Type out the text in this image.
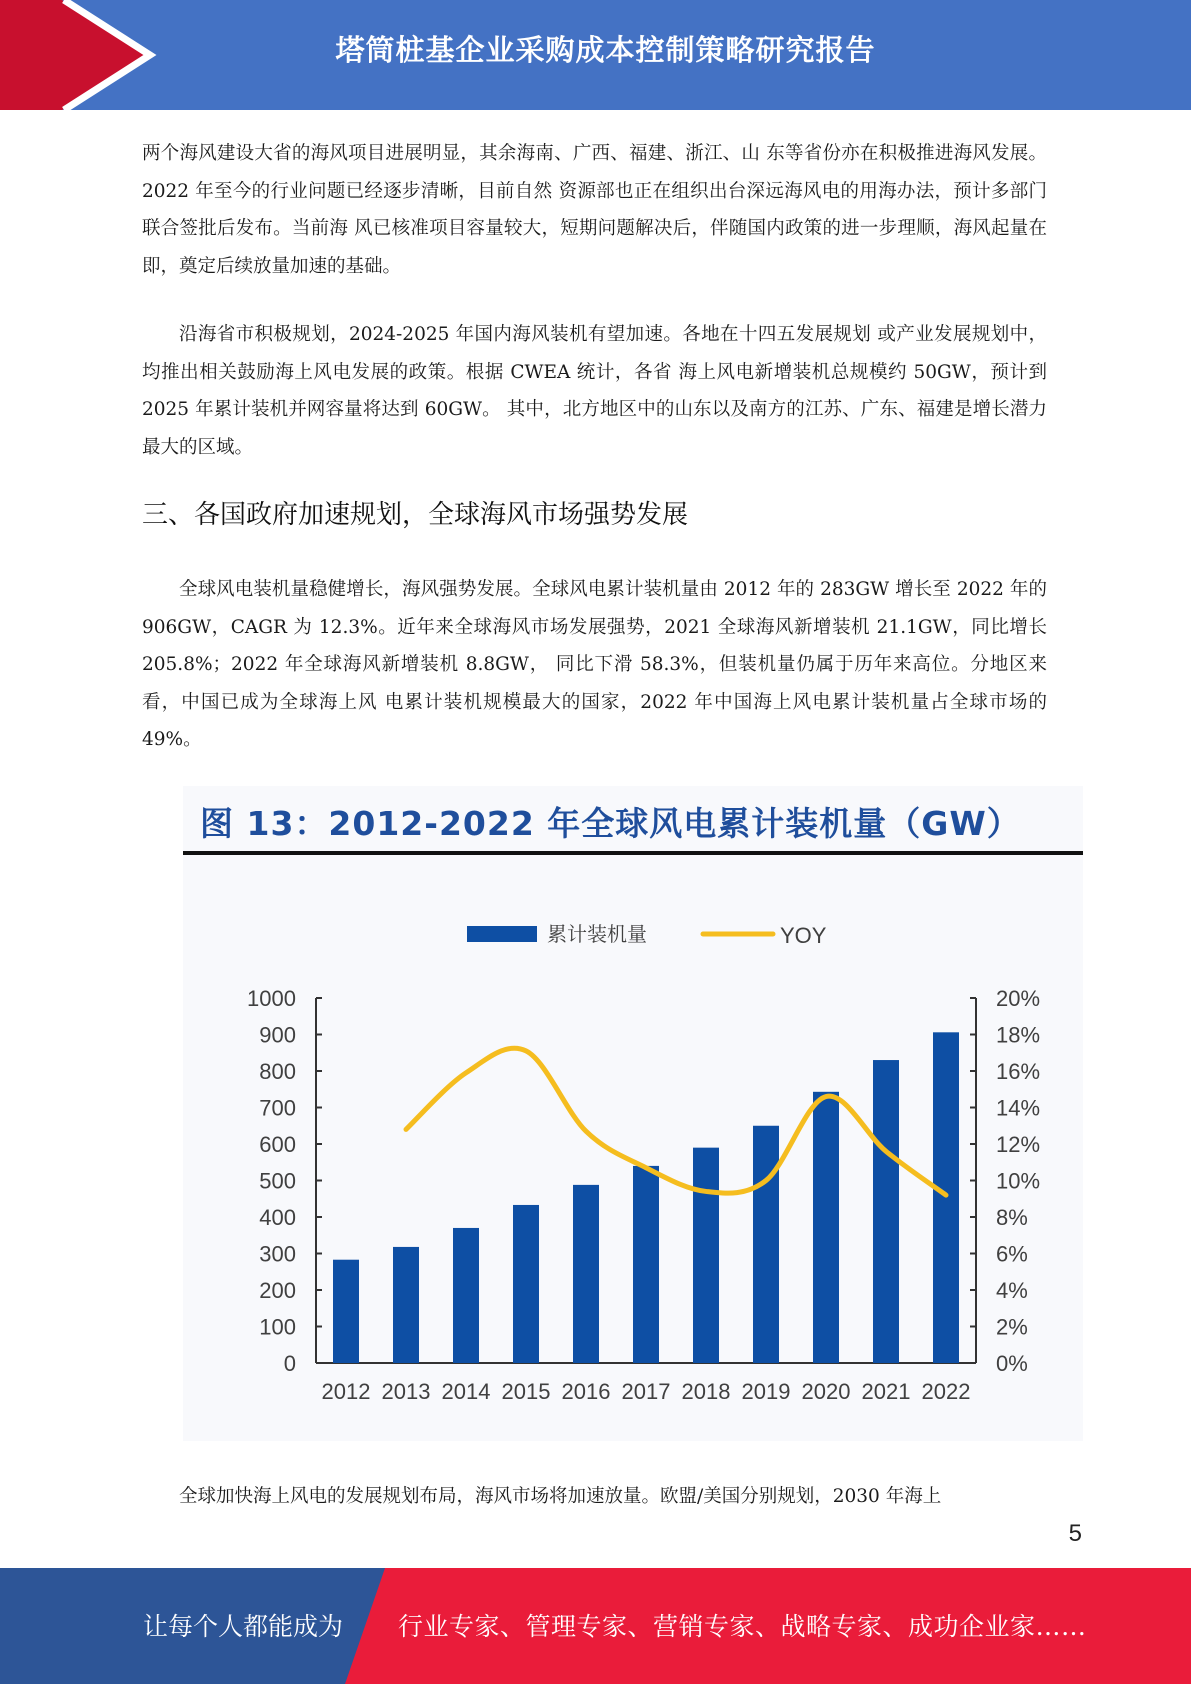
塔筒桩基企业采购成本控制策略研究报告

两个海风建设大省的海风项目进展明显，其余海南、广西、福建、浙江、山 东等省份亦在积极推进海风发展。2022 年至今的行业问题已经逐步清晰，目前自然 资源部也正在组织出台深远海风电的用海办法，预计多部门联合签批后发布。当前海 风已核准项目容量较大，短期问题解决后，伴随国内政策的进一步理顺，海风起量在 即，奠定后续放量加速的基础。

沿海省市积极规划，2024-2025 年国内海风装机有望加速。各地在十四五发展规划 或产业发展规划中，均推出相关鼓励海上风电发展的政策。根据 CWEA 统计，各省 海上风电新增装机总规模约 50GW，预计到 2025 年累计装机并网容量将达到 60GW。 其中，北方地区中的山东以及南方的江苏、广东、福建是增长潜力最大的区域。

三、各国政府加速规划，全球海风市场强势发展

全球风电装机量稳健增长，海风强势发展。全球风电累计装机量由 2012 年的 283GW 增长至 2022 年的 906GW，CAGR 为 12.3%。近年来全球海风市场发展强势，2021 全球海风新增装机 21.1GW，同比增长 205.8%；2022 年全球海风新增装机 8.8GW， 同比下滑 58.3%，但装机量仍属于历年来高位。分地区来看，中国已成为全球海上风 电累计装机规模最大的国家，2022 年中国海上风电累计装机量占全球市场的 49%。

图 13：2012-2022 年全球风电累计装机量（GW）
累计装机量	YOY
0
100
200
300
400
500
600
700
800
900
1000
0%
2%
4%
6%
8%
10%
12%
14%
16%
18%
20%
2012 2013 2014 2015 2016 2017 2018 2019 2020 2021 2022

全球加快海上风电的发展规划布局，海风市场将加速放量。欧盟/美国分别规划，2030 年海上

5
让每个人都能成为 行业专家、管理专家、营销专家、战略专家、成功企业家……
